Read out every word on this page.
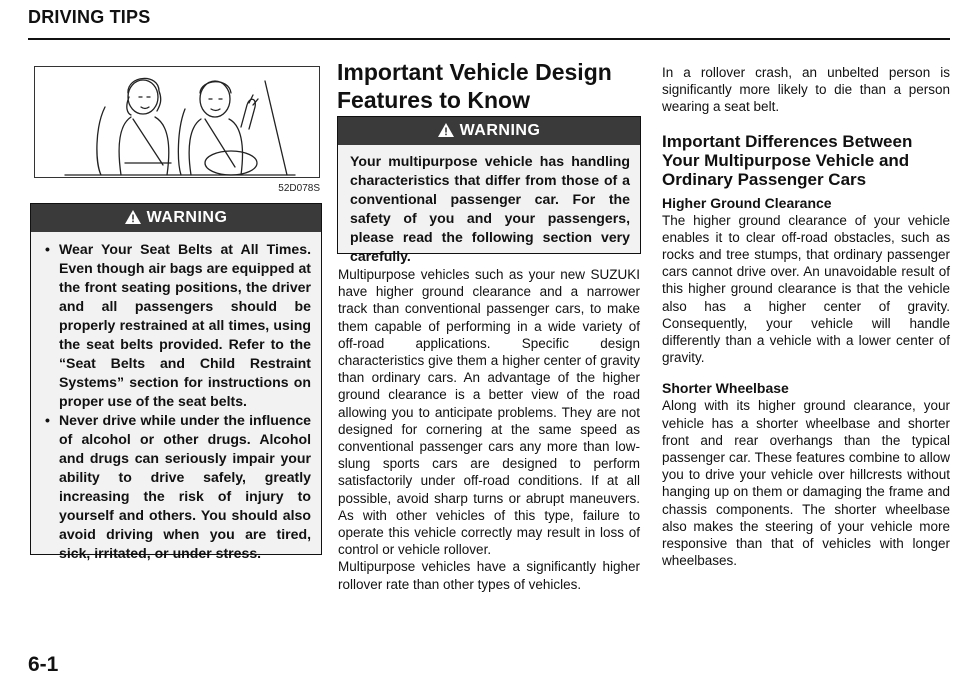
DRIVING TIPS
52D078S
WARNING
• Wear Your Seat Belts at All Times. Even though air bags are equipped at the front seating positions, the driver and all passengers should be properly restrained at all times, using the seat belts provided. Refer to the “Seat Belts and Child Restraint Systems” section for instructions on proper use of the seat belts.
• Never drive while under the influence of alcohol or other drugs. Alcohol and drugs can seriously impair your ability to drive safely, greatly increasing the risk of injury to yourself and others. You should also avoid driving when you are tired, sick, irritated, or under stress.
6-1
Important Vehicle Design Features to Know
WARNING
Your multipurpose vehicle has handling characteristics that differ from those of a conventional passenger car. For the safety of you and your passengers, please read the following section very carefully.

Multipurpose vehicles such as your new SUZUKI have higher ground clearance and a narrower track than conventional passenger cars, to make them capable of performing in a wide variety of off-road applications. Specific design characteristics give them a higher center of gravity than ordinary cars. An advantage of the higher ground clearance is a better view of the road allowing you to anticipate problems. They are not designed for cornering at the same speed as conventional passenger cars any more than low-slung sports cars are designed to perform satisfactorily under off-road conditions. If at all possible, avoid sharp turns or abrupt maneuvers. As with other vehicles of this type, failure to operate this vehicle correctly may result in loss of control or vehicle rollover.

Multipurpose vehicles have a significantly higher rollover rate than other types of vehicles.

In a rollover crash, an unbelted person is significantly more likely to die than a person wearing a seat belt.

Important Differences Between Your Multipurpose Vehicle and Ordinary Passenger Cars
Higher Ground Clearance

The higher ground clearance of your vehicle enables it to clear off-road obstacles, such as rocks and tree stumps, that ordinary passenger cars cannot drive over. An unavoidable result of this higher ground clearance is that the vehicle also has a higher center of gravity. Consequently, your vehicle will handle differently than a vehicle with a lower center of gravity.

Shorter Wheelbase

Along with its higher ground clearance, your vehicle has a shorter wheelbase and shorter front and rear overhangs than the typical passenger car. These features combine to allow you to drive your vehicle over hillcrests without hanging up on them or damaging the frame and chassis components. The shorter wheelbase also makes the steering of your vehicle more responsive than that of vehicles with longer wheelbases.
